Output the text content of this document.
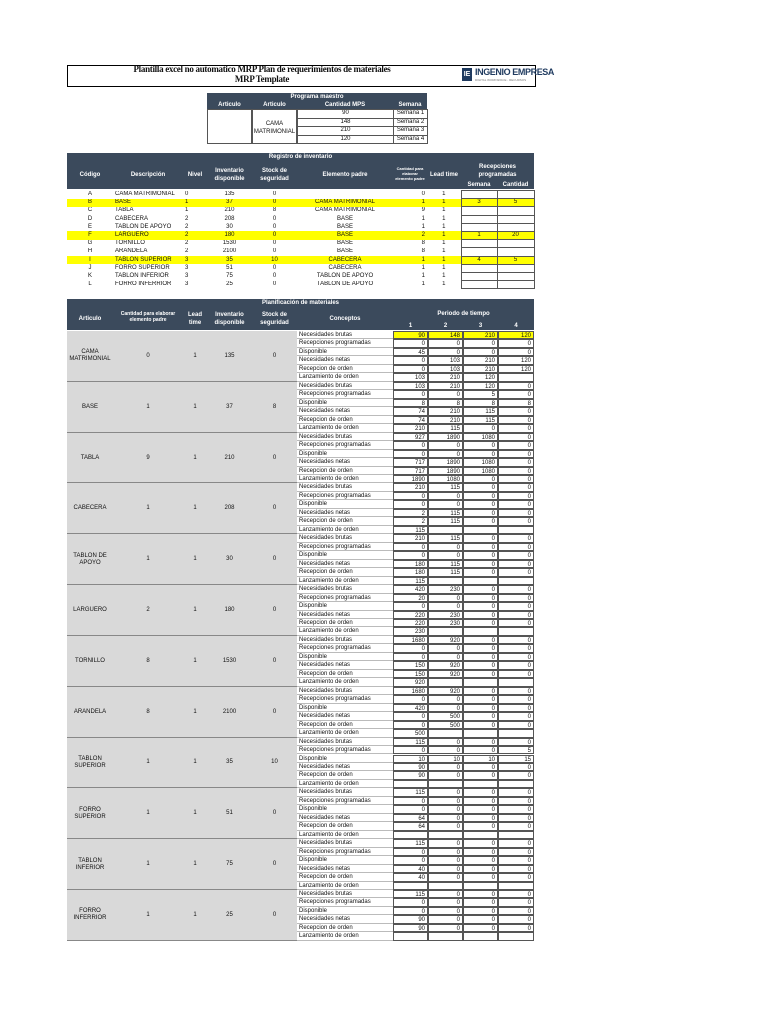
Plantilla excel no automatico MRP Plan de requerimientos de materiales
MRP Template	IE INGENIO EMPRESA
DIGITAL WORKSPACE - RECURSOS
Programa maestro
Articulo	Articulo	Cantidad MPS	Semana
CAMA MATRIMONIAL
90	Semana 1
148	Semana 2
210	Semana 3
120	Semana 4
Registro de inventario
Código	Descripción	Nivel
Inventario disponible
Stock de seguridad
Elemento padre
Cantidad para elaborar elemento padre
Lead time
Recepciones programadas
Semana	Cantidad
A	CAMA MATRIMONIAL	0	135	0		0	1		
B	BASE	1	37	0	CAMA MATRIMONIAL	1	1	3	5
C	TABLA	1	210	8	CAMA MATRIMONIAL	9	1		
D	CABECERA	2	208	0	BASE	1	1		
E	TABLON DE APOYO	2	30	0	BASE	1	1		
F	LARGUERO	2	180	0	BASE	2	1	1	20
G	TORNILLO	2	1530	0	BASE	8	1		
H	ARANDELA	2	2100	0	BASE	8	1		
I	TABLON SUPERIOR	3	35	10	CABECERA	1	1	4	5
J	FORRO SUPERIOR	3	51	0	CABECERA	1	1		
K	TABLON INFERIOR	3	75	0	TABLON DE APOYO	1	1		
L	FORRO INFERRIOR	3	25	0	TABLON DE APOYO	1	1		
Planificación de materiales
Articulo
Cantidad para elaborar elemento padre
Lead time
Inventario disponible
Stock de seguridad
Conceptos
Periodo de tiempo
1	2	3	4
CAMA MATRIMONIAL
0	1	135	0
Necesidades brutas	90	148	210	120
Recepciones programadas	0	0	0	0
Disponible	45	0	0	0
Necesidades netas	0	103	210	120
Recepcion de orden	0	103	210	120
Lanzamiento de orden	103	210	120
BASE	1	1	37	8
Necesidades brutas	103	210	120	0
Recepciones programadas	0	0	5	0
Disponible	8	8	8	8
Necesidades netas	74	210	115	0
Recepcion de orden	74	210	115	0
Lanzamiento de orden	210	115	0	0
TABLA	9	1	210	0
Necesidades brutas	927	1890	1080	0
Recepciones programadas	0	0	0	0
Disponible	0	0	0	0
Necesidades netas	717	1890	1080	0
Recepcion de orden	717	1890	1080	0
Lanzamiento de orden	1890	1080	0	0
CABECERA	1	1	208	0
Necesidades brutas	210	115	0	0
Recepciones programadas	0	0	0	0
Disponible	0	0	0	0
Necesidades netas	2	115	0	0
Recepcion de orden	2	115	0	0
Lanzamiento de orden	115
TABLON DE APOYO
1	1	30	0
Necesidades brutas	210	115	0	0
Recepciones programadas	0	0	0	0
Disponible	0	0	0	0
Necesidades netas	180	115	0	0
Recepcion de orden	180	115	0	0
Lanzamiento de orden	115
LARGUERO	2	1	180	0
Necesidades brutas	420	230	0	0
Recepciones programadas	20	0	0	0
Disponible	0	0	0	0
Necesidades netas	220	230	0	0
Recepcion de orden	220	230	0	0
Lanzamiento de orden	230
TORNILLO	8	1	1530	0
Necesidades brutas	1680	920	0	0
Recepciones programadas	0	0	0	0
Disponible	0	0	0	0
Necesidades netas	150	920	0	0
Recepcion de orden	150	920	0	0
Lanzamiento de orden	920
ARANDELA	8	1	2100	0
Necesidades brutas	1680	920	0	0
Recepciones programadas	0	0	0	0
Disponible	420	0	0	0
Necesidades netas	0	500	0	0
Recepcion de orden	0	500	0	0
Lanzamiento de orden	500
TABLON SUPERIOR
1	1	35	10
Necesidades brutas	115	0	0	0
Recepciones programadas	0	0	0	5
Disponible	10	10	10	15
Necesidades netas	90	0	0	0
Recepcion de orden	90	0	0	0
Lanzamiento de orden
FORRO SUPERIOR
1	1	51	0
Necesidades brutas	115	0	0	0
Recepciones programadas	0	0	0	0
Disponible	0	0	0	0
Necesidades netas	64	0	0	0
Recepcion de orden	64	0	0	0
Lanzamiento de orden
TABLON INFERIOR
1	1	75	0
Necesidades brutas	115	0	0	0
Recepciones programadas	0	0	0	0
Disponible	0	0	0	0
Necesidades netas	40	0	0	0
Recepcion de orden	40	0	0	0
Lanzamiento de orden
FORRO INFERRIOR
1	1	25	0
Necesidades brutas	115	0	0	0
Recepciones programadas	0	0	0	0
Disponible	0	0	0	0
Necesidades netas	90	0	0	0
Recepcion de orden	90	0	0	0
Lanzamiento de orden
